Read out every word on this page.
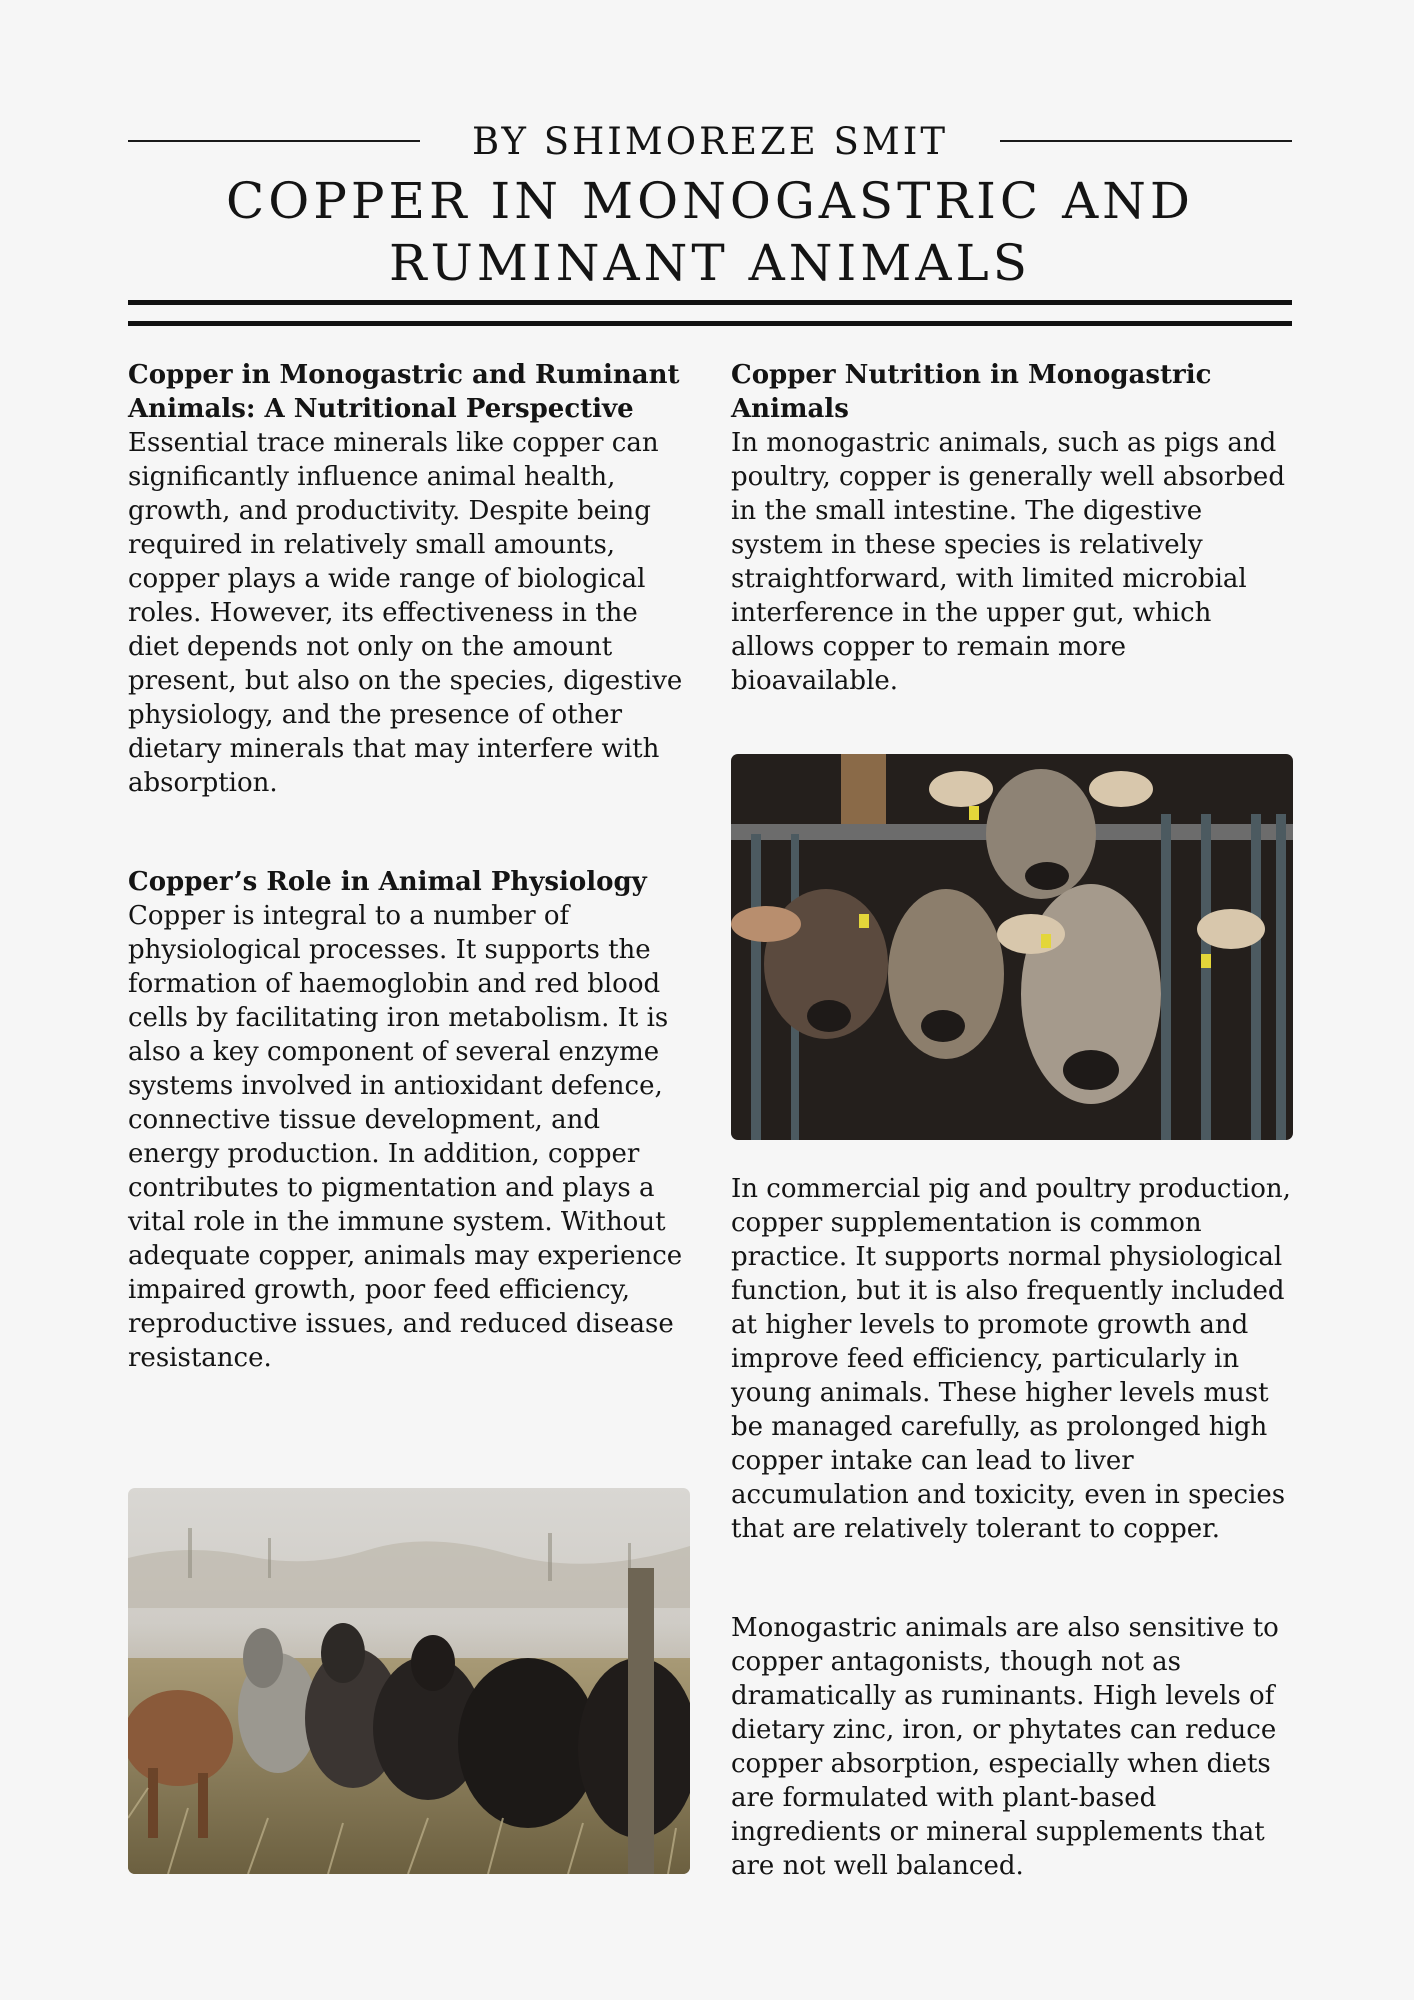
BY SHIMOREZE SMIT
COPPER IN MONOGASTRIC AND RUMINANT ANIMALS
Copper in Monogastric and Ruminant Animals: A Nutritional Perspective

Essential trace minerals like copper can significantly influence animal health, growth, and productivity. Despite being required in relatively small amounts, copper plays a wide range of biological roles. However, its effectiveness in the diet depends not only on the amount present, but also on the species, digestive physiology, and the presence of other dietary minerals that may interfere with absorption.

Copper’s Role in Animal Physiology

Copper is integral to a number of physiological processes. It supports the formation of haemoglobin and red blood cells by facilitating iron metabolism. It is also a key component of several enzyme systems involved in antioxidant defence, connective tissue development, and energy production. In addition, copper contributes to pigmentation and plays a vital role in the immune system. Without adequate copper, animals may experience impaired growth, poor feed efficiency, reproductive issues, and reduced disease resistance.

Copper Nutrition in Monogastric Animals

In monogastric animals, such as pigs and poultry, copper is generally well absorbed in the small intestine. The digestive system in these species is relatively straightforward, with limited microbial interference in the upper gut, which allows copper to remain more bioavailable.

In commercial pig and poultry production, copper supplementation is common practice. It supports normal physiological function, but it is also frequently included at higher levels to promote growth and improve feed efficiency, particularly in young animals. These higher levels must be managed carefully, as prolonged high copper intake can lead to liver accumulation and toxicity, even in species that are relatively tolerant to copper.

Monogastric animals are also sensitive to copper antagonists, though not as dramatically as ruminants. High levels of dietary zinc, iron, or phytates can reduce copper absorption, especially when diets are formulated with plant-based ingredients or mineral supplements that are not well balanced.
